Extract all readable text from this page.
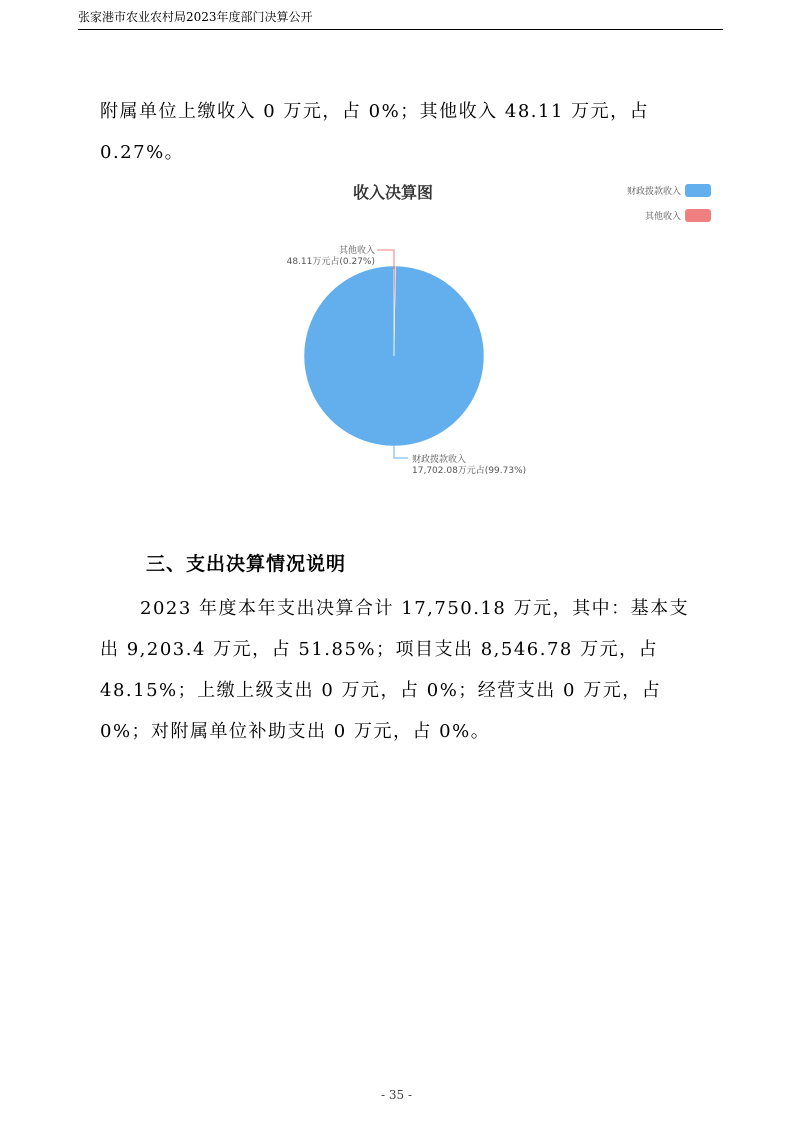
张家港市农业农村局2023年度部门决算公开

附属单位上缴收入 0 万元，占 0%；其他收入 48.11 万元，占 0.27%。

收入决算图	财政拨款收入
其他收入
其他收入
48.11万元占(0.27%)
财政拨款收入
17,702.08万元占(99.73%)
三、支出决算情况说明

2023 年度本年支出决算合计 17,750.18 万元，其中：基本支出 9,203.4 万元，占 51.85%；项目支出 8,546.78 万元，占 48.15%；上缴上级支出 0 万元，占 0%；经营支出 0 万元，占 0%；对附属单位补助支出 0 万元，占 0%。

- 35 -
